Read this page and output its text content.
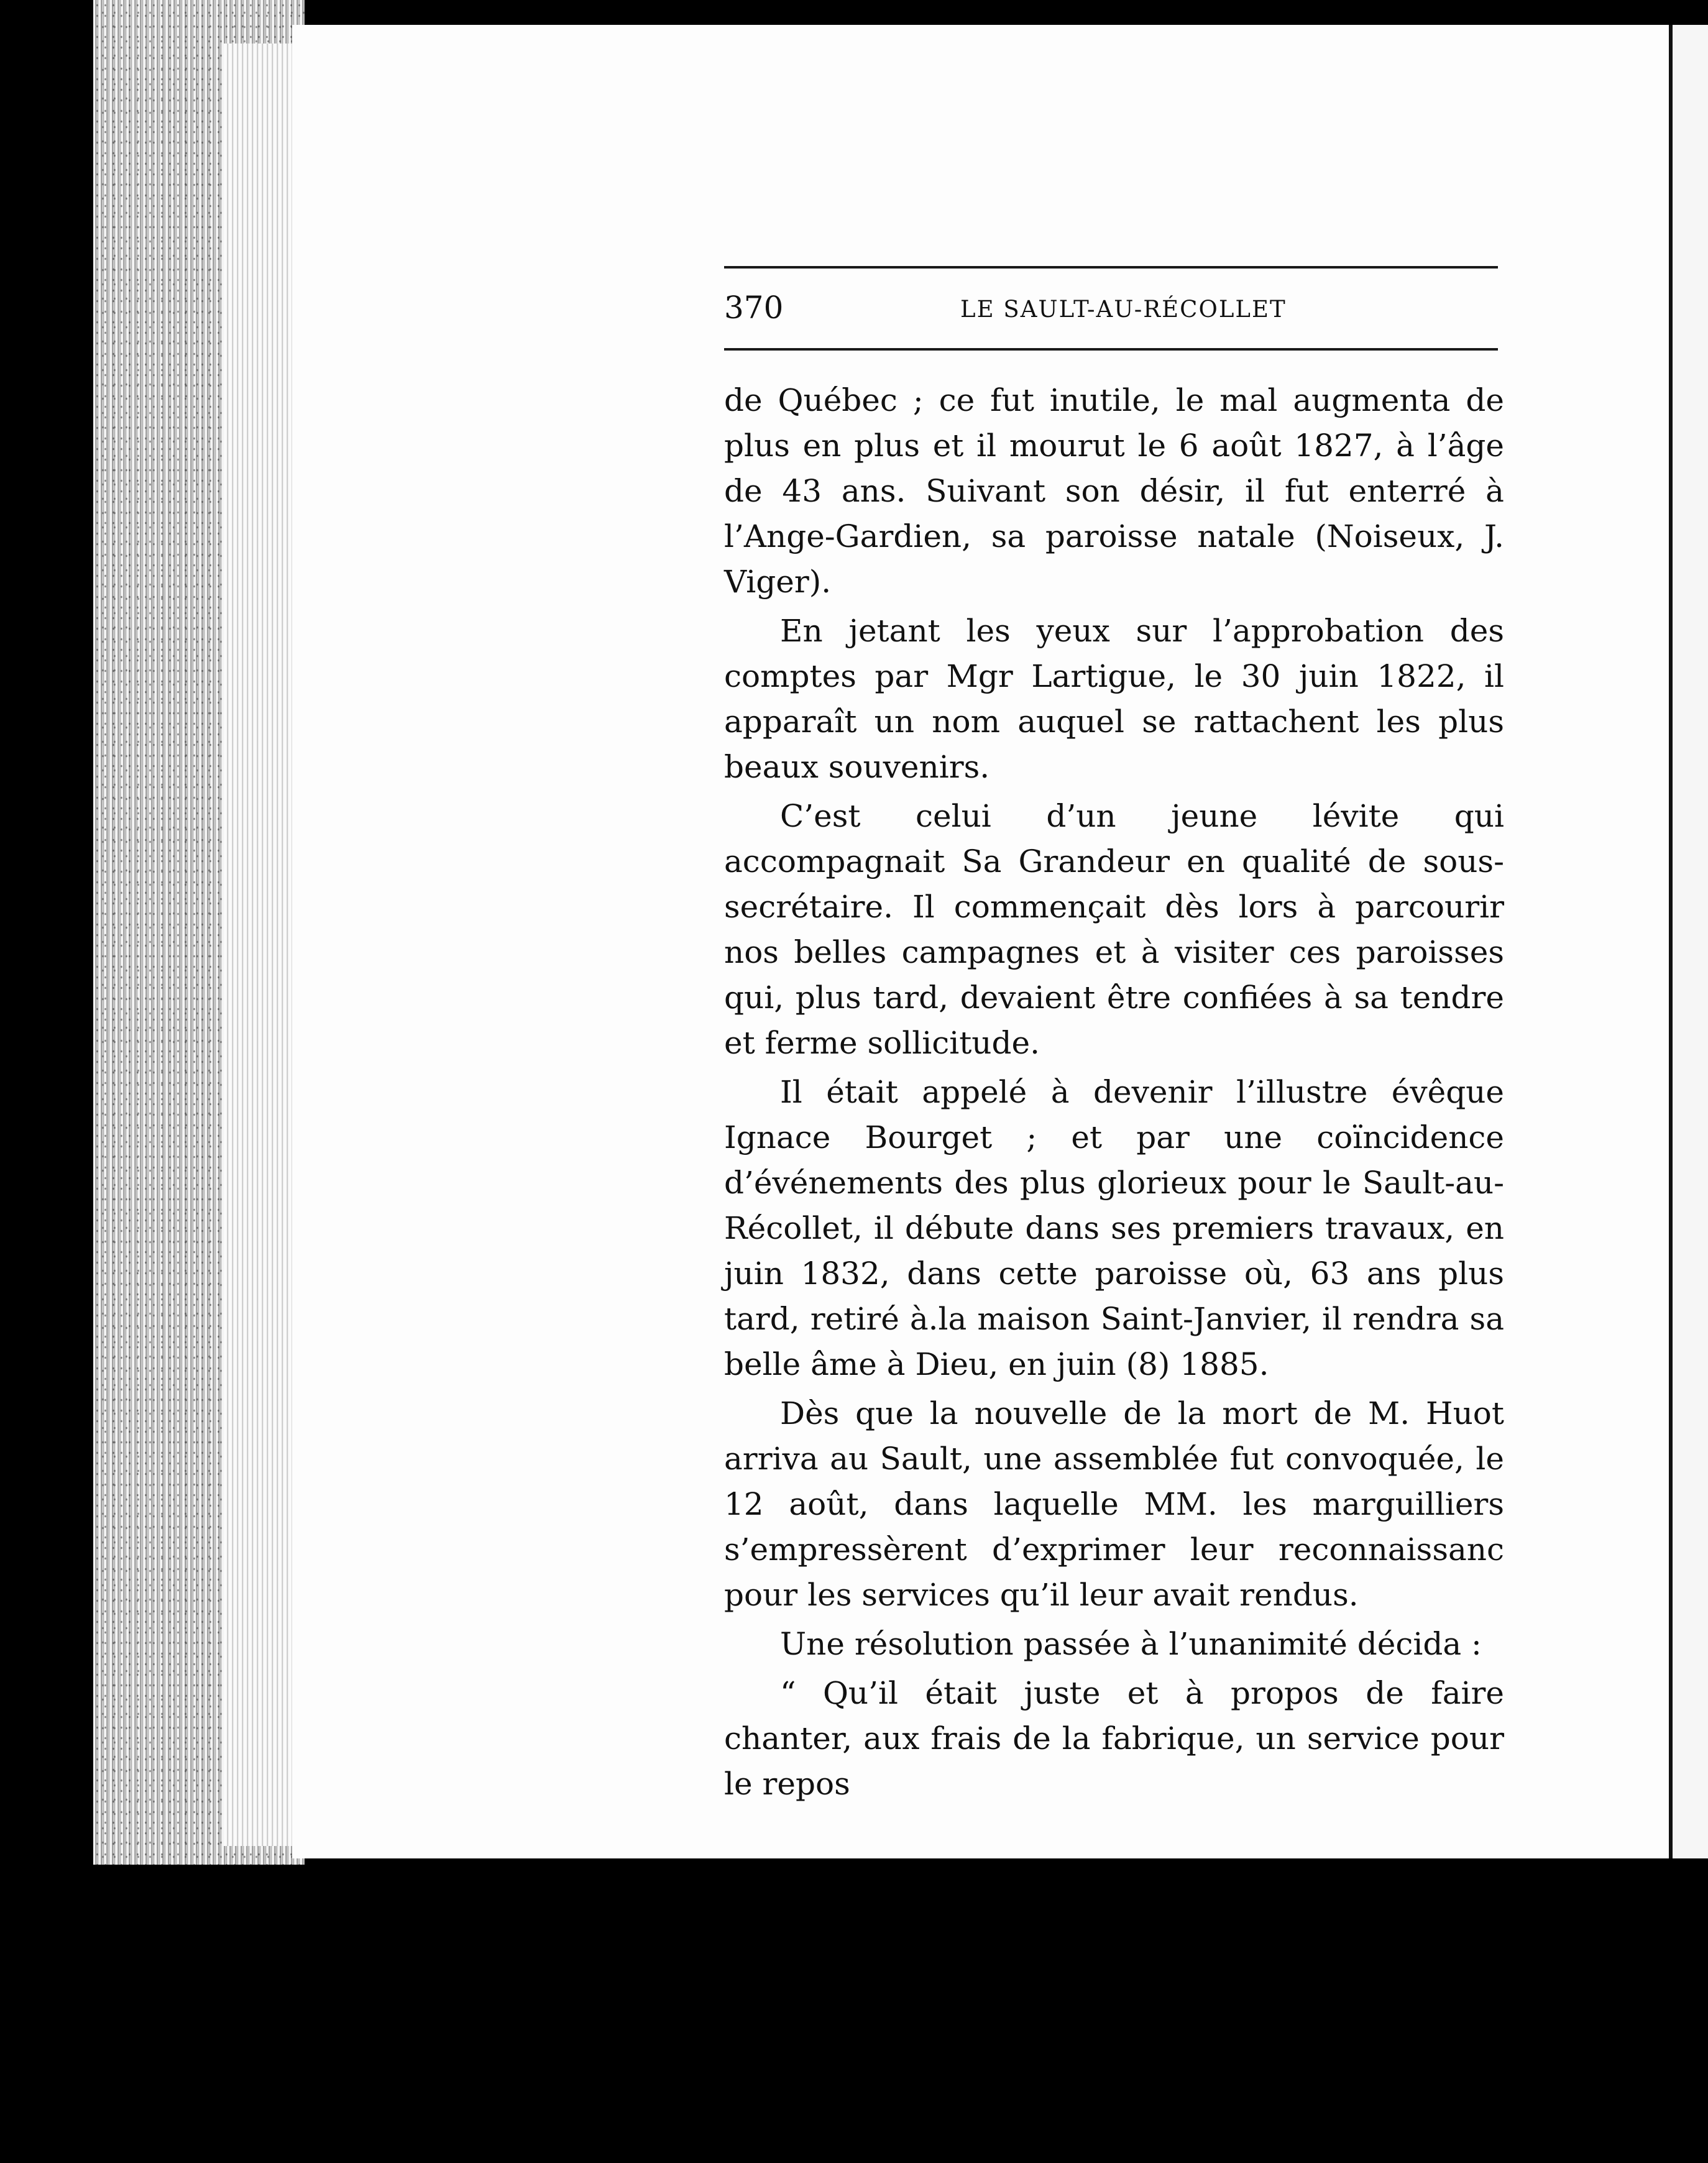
370	LE SAULT-AU-RÉCOLLET

de Québec ; ce fut inutile, le mal augmenta de plus en plus et il mourut le 6 août 1827, à l’âge de 43 ans. Suivant son désir, il fut enterré à l’Ange-Gardien, sa paroisse natale (Noiseux, J. Viger).

En jetant les yeux sur l’approbation des comptes par Mgr Lartigue, le 30 juin 1822, il apparaît un nom auquel se rattachent les plus beaux souvenirs.

C’est celui d’un jeune lévite qui accompagnait Sa Grandeur en qualité de sous-secrétaire. Il commençait dès lors à parcourir nos belles campagnes et à visiter ces paroisses qui, plus tard, devaient être confiées à sa tendre et ferme sollicitude.

Il était appelé à devenir l’illustre évêque Ignace Bourget ; et par une coïncidence d’événements des plus glorieux pour le Sault-au-Récollet, il débute dans ses premiers travaux, en juin 1832, dans cette paroisse où, 63 ans plus tard, retiré à.la maison Saint-Janvier, il rendra sa belle âme à Dieu, en juin (8) 1885.

Dès que la nouvelle de la mort de M. Huot arriva au Sault, une assemblée fut convoquée, le 12 août, dans laquelle MM. les marguilliers s’empressèrent d’exprimer leur reconnaissanc pour les services qu’il leur avait rendus.

Une résolution passée à l’unanimité décida :

“ Qu’il était juste et à propos de faire chanter, aux frais de la fabrique, un service pour le repos
